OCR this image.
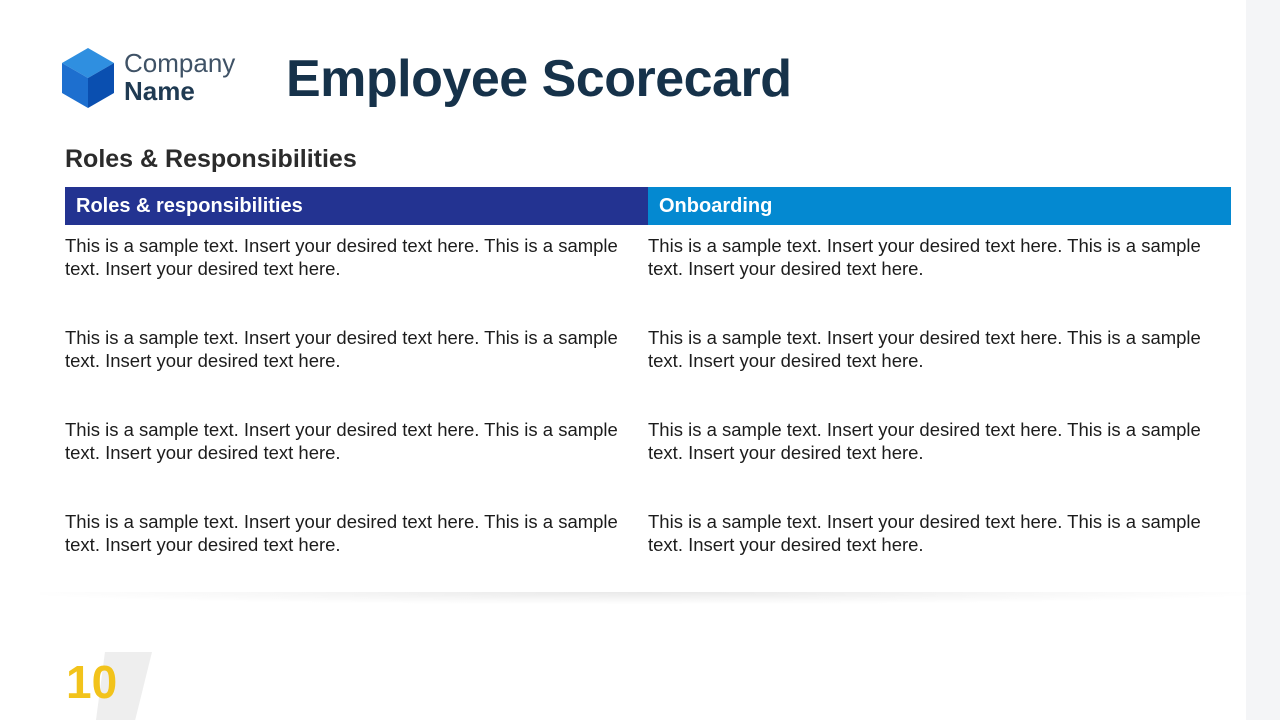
Company
Name Employee Scorecard
Roles & Responsibilities
Roles & responsibilities	Onboarding
This is a sample text. Insert your desired text here. This is a sample text. Insert your desired text here.
This is a sample text. Insert your desired text here. This is a sample text. Insert your desired text here.
This is a sample text. Insert your desired text here. This is a sample text. Insert your desired text here.
This is a sample text. Insert your desired text here. This is a sample text. Insert your desired text here.
This is a sample text. Insert your desired text here. This is a sample text. Insert your desired text here.
This is a sample text. Insert your desired text here. This is a sample text. Insert your desired text here.
This is a sample text. Insert your desired text here. This is a sample text. Insert your desired text here.
This is a sample text. Insert your desired text here. This is a sample text. Insert your desired text here.
10
